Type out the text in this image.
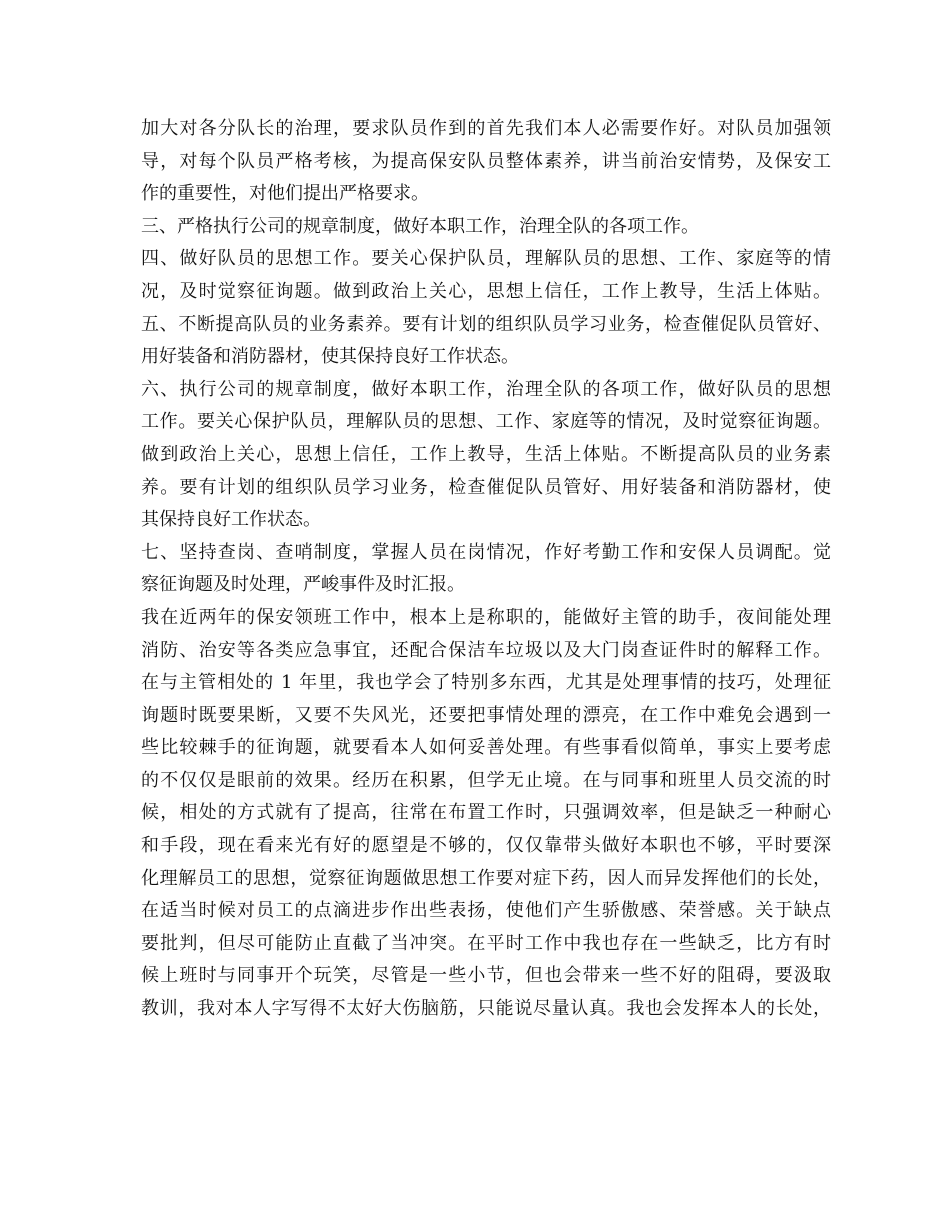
加大对各分队长的治理，要求队员作到的首先我们本人必需要作好。对队员加强领
导，对每个队员严格考核，为提高保安队员整体素养，讲当前治安情势，及保安工
作的重要性，对他们提出严格要求。
三、严格执行公司的规章制度，做好本职工作，治理全队的各项工作。
四、做好队员的思想工作。要关心保护队员，理解队员的思想、工作、家庭等的情
况，及时觉察征询题。做到政治上关心，思想上信任，工作上教导，生活上体贴。
五、不断提高队员的业务素养。要有计划的组织队员学习业务，检查催促队员管好、
用好装备和消防器材，使其保持良好工作状态。
六、执行公司的规章制度，做好本职工作，治理全队的各项工作，做好队员的思想
工作。要关心保护队员，理解队员的思想、工作、家庭等的情况，及时觉察征询题。
做到政治上关心，思想上信任，工作上教导，生活上体贴。不断提高队员的业务素
养。要有计划的组织队员学习业务，检查催促队员管好、用好装备和消防器材，使
其保持良好工作状态。
七、坚持查岗、查哨制度，掌握人员在岗情况，作好考勤工作和安保人员调配。觉
察征询题及时处理，严峻事件及时汇报。
我在近两年的保安领班工作中，根本上是称职的，能做好主管的助手，夜间能处理
消防、治安等各类应急事宜，还配合保洁车垃圾以及大门岗查证件时的解释工作。
在与主管相处的 1 年里，我也学会了特别多东西，尤其是处理事情的技巧，处理征
询题时既要果断，又要不失风光，还要把事情处理的漂亮，在工作中难免会遇到一
些比较棘手的征询题，就要看本人如何妥善处理。有些事看似简单，事实上要考虑
的不仅仅是眼前的效果。经历在积累，但学无止境。在与同事和班里人员交流的时
候，相处的方式就有了提高，往常在布置工作时，只强调效率，但是缺乏一种耐心
和手段，现在看来光有好的愿望是不够的，仅仅靠带头做好本职也不够，平时要深
化理解员工的思想，觉察征询题做思想工作要对症下药，因人而异发挥他们的长处，
在适当时候对员工的点滴进步作出些表扬，使他们产生骄傲感、荣誉感。关于缺点
要批判，但尽可能防止直截了当冲突。在平时工作中我也存在一些缺乏，比方有时
候上班时与同事开个玩笑，尽管是一些小节，但也会带来一些不好的阻碍，要汲取
教训，我对本人字写得不太好大伤脑筋，只能说尽量认真。我也会发挥本人的长处，
